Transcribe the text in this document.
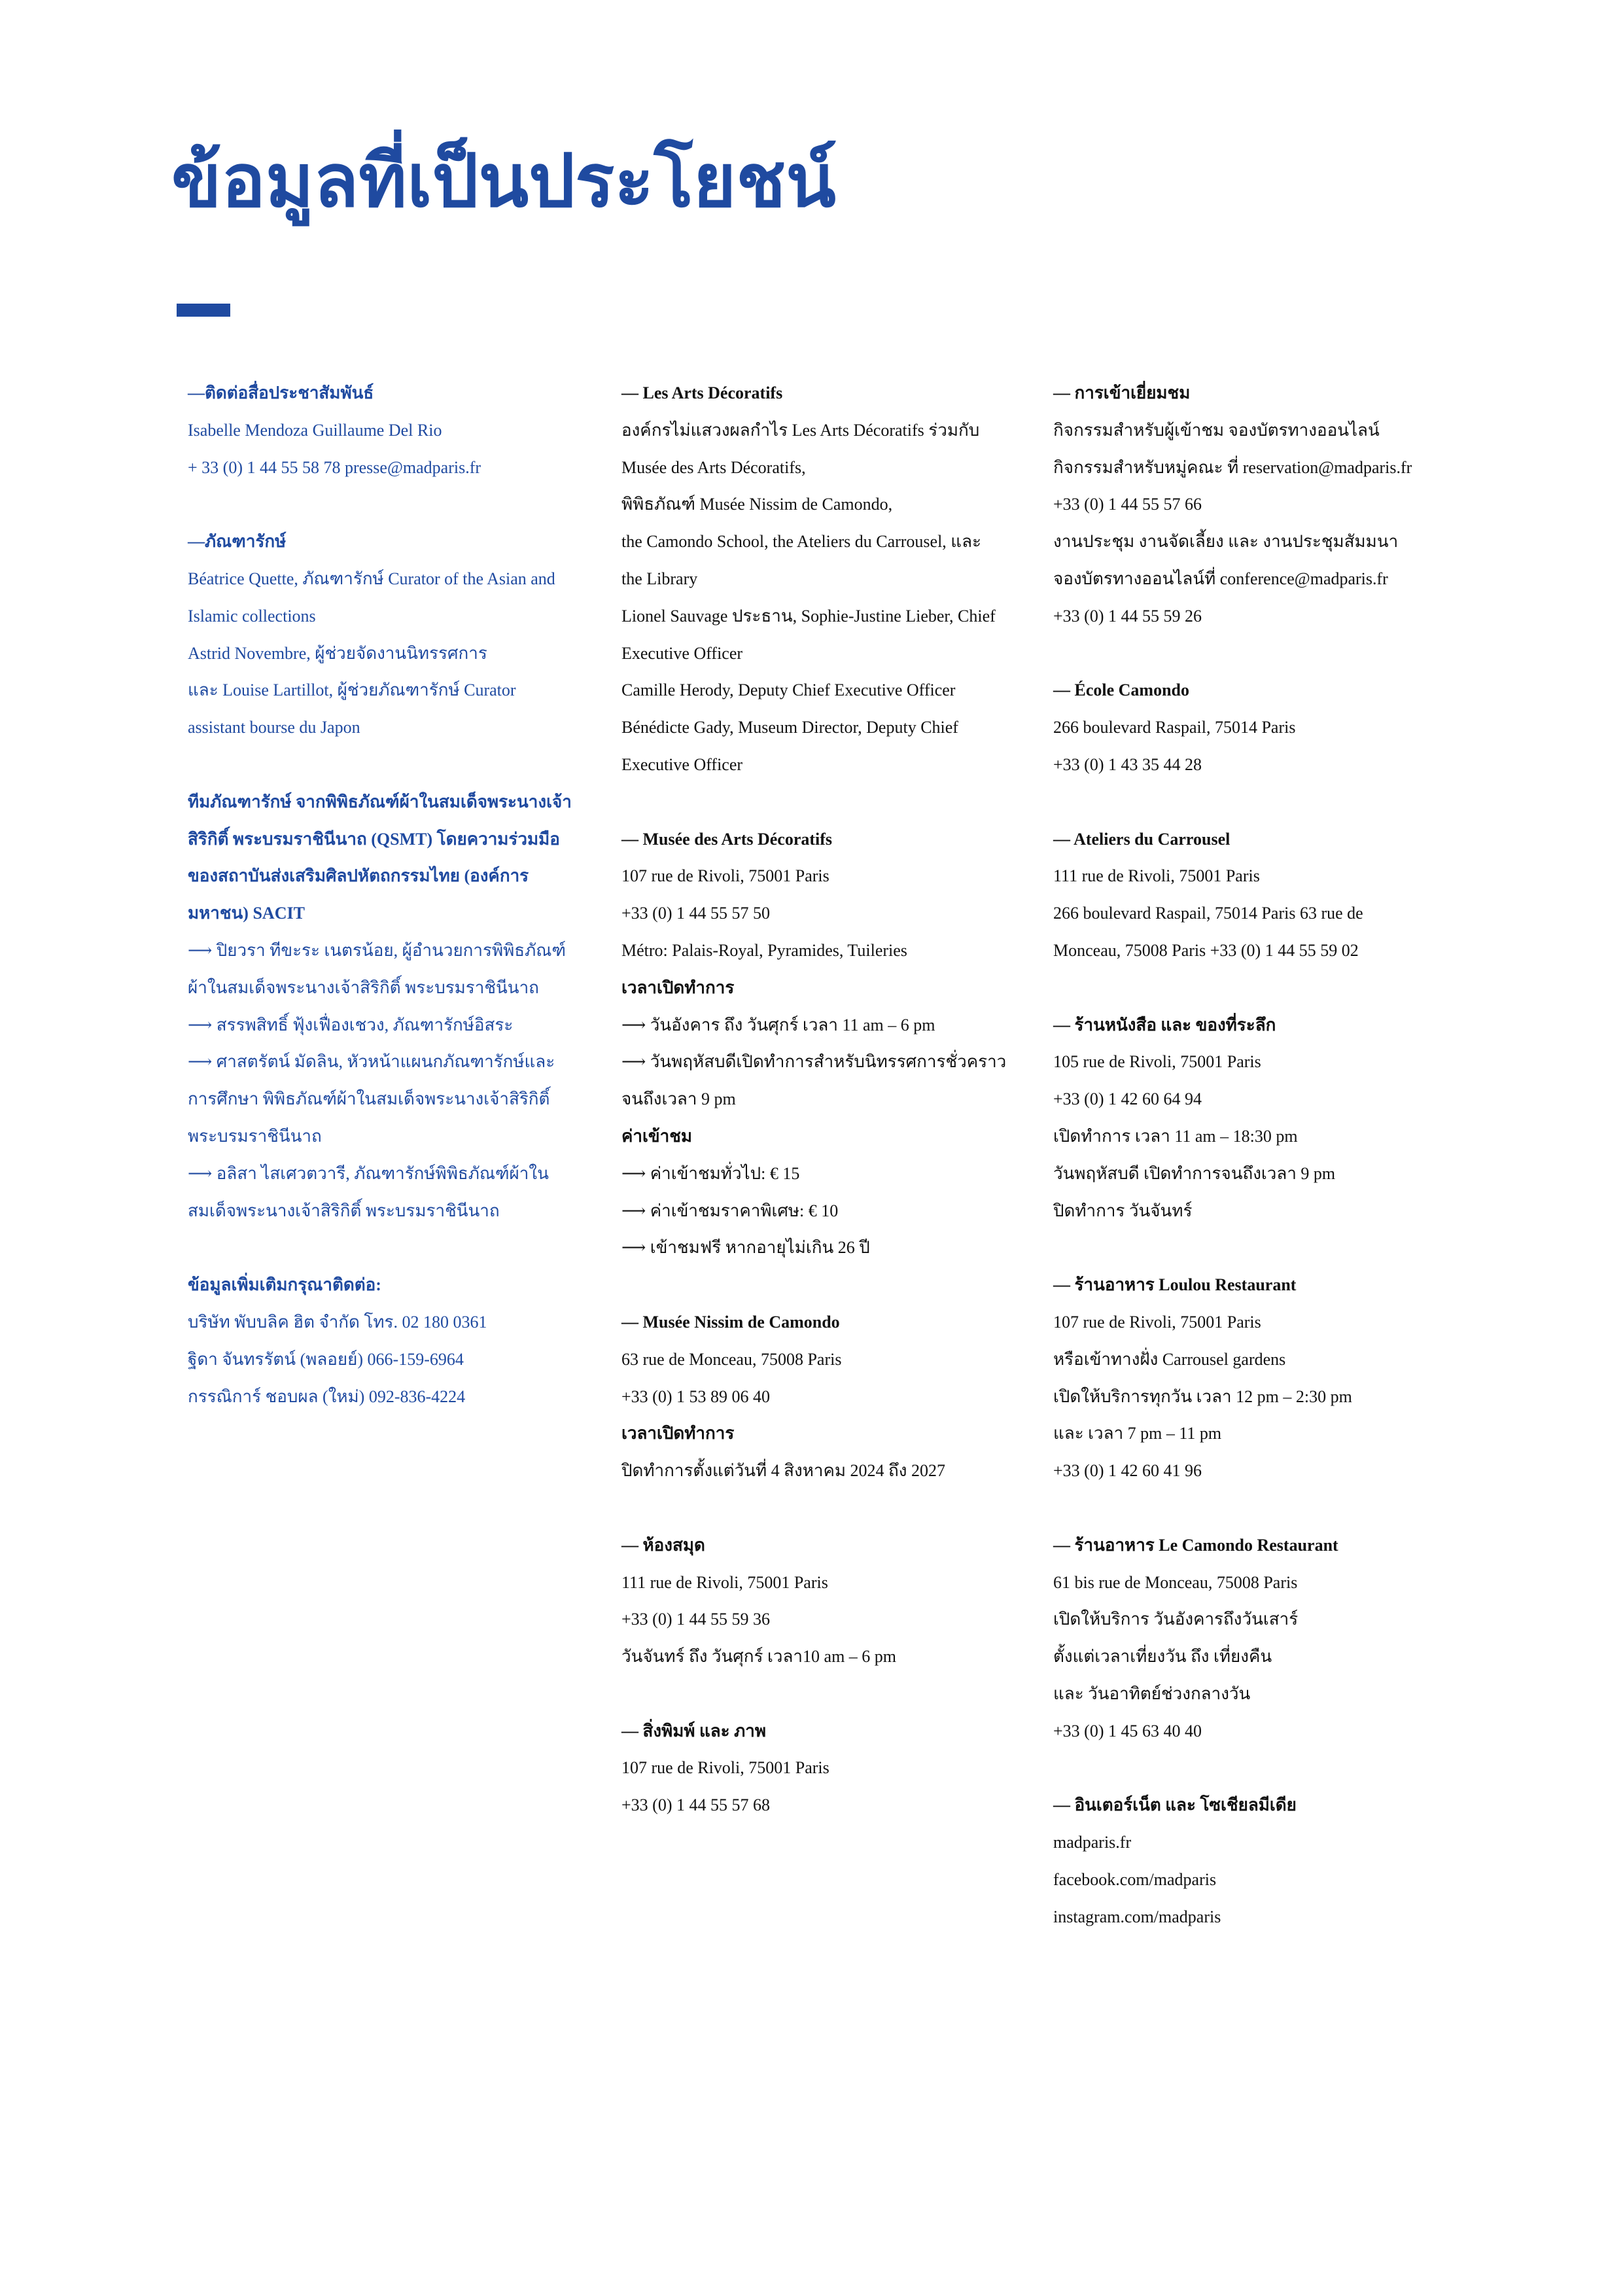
ข้อมูลที่เป็นประโยชน์
—ติดต่อสื่อประชาสัมพันธ์
Isabelle Mendoza Guillaume Del Rio
+ 33 (0) 1 44 55 58 78 presse@madparis.fr
—ภัณฑารักษ์
Béatrice Quette, ภัณฑารักษ์ Curator of the Asian and
Islamic collections
Astrid Novembre, ผู้ช่วยจัดงานนิทรรศการ
และ Louise Lartillot, ผู้ช่วยภัณฑารักษ์ Curator
assistant bourse du Japon
ทีมภัณฑารักษ์ จากพิพิธภัณฑ์ผ้าในสมเด็จพระนางเจ้า
สิริกิติ์ พระบรมราชินีนาถ (QSMT) โดยความร่วมมือ
ของสถาบันส่งเสริมศิลปหัตถกรรมไทย (องค์การ
มหาชน) SACIT
⟶ ปิยวรา ทีขะระ เนตรน้อย, ผู้อำนวยการพิพิธภัณฑ์
ผ้าในสมเด็จพระนางเจ้าสิริกิติ์ พระบรมราชินีนาถ
⟶ สรรพสิทธิ์ ฟุ้งเฟื่องเชวง, ภัณฑารักษ์อิสระ
⟶ ศาสตรัตน์ มัดลิน, หัวหน้าแผนกภัณฑารักษ์และ
การศึกษา พิพิธภัณฑ์ผ้าในสมเด็จพระนางเจ้าสิริกิติ์
พระบรมราชินีนาถ
⟶ อลิสา ไสเศวตวารี, ภัณฑารักษ์พิพิธภัณฑ์ผ้าใน
สมเด็จพระนางเจ้าสิริกิติ์ พระบรมราชินีนาถ
ข้อมูลเพิ่มเติมกรุณาติดต่อ:
บริษัท พับบลิค ฮิต จำกัด โทร. 02 180 0361
ฐิดา จันทรรัตน์ (พลอยย์) 066-159-6964
กรรณิการ์ ชอบผล (ใหม่) 092-836-4224
— Les Arts Décoratifs
องค์กรไม่แสวงผลกำไร Les Arts Décoratifs ร่วมกับ
Musée des Arts Décoratifs,
พิพิธภัณฑ์ Musée Nissim de Camondo,
the Camondo School, the Ateliers du Carrousel, และ
the Library
Lionel Sauvage ประธาน, Sophie-Justine Lieber, Chief
Executive Officer
Camille Herody, Deputy Chief Executive Officer
Bénédicte Gady, Museum Director, Deputy Chief
Executive Officer
— Musée des Arts Décoratifs
107 rue de Rivoli, 75001 Paris
+33 (0) 1 44 55 57 50
Métro: Palais-Royal, Pyramides, Tuileries
เวลาเปิดทำการ
⟶ วันอังคาร ถึง วันศุกร์ เวลา 11 am – 6 pm
⟶ วันพฤหัสบดีเปิดทำการสำหรับนิทรรศการชั่วคราว
จนถึงเวลา 9 pm
ค่าเข้าชม
⟶ ค่าเข้าชมทั่วไป: € 15
⟶ ค่าเข้าชมราคาพิเศษ: € 10
⟶ เข้าชมฟรี หากอายุไม่เกิน 26 ปี
— Musée Nissim de Camondo
63 rue de Monceau, 75008 Paris
+33 (0) 1 53 89 06 40
เวลาเปิดทำการ
ปิดทำการตั้งแต่วันที่ 4 สิงหาคม 2024 ถึง 2027
— ห้องสมุด
111 rue de Rivoli, 75001 Paris
+33 (0) 1 44 55 59 36
วันจันทร์ ถึง วันศุกร์ เวลา10 am – 6 pm
— สิ่งพิมพ์ และ ภาพ
107 rue de Rivoli, 75001 Paris
+33 (0) 1 44 55 57 68
— การเข้าเยี่ยมชม
กิจกรรมสำหรับผู้เข้าชม จองบัตรทางออนไลน์
กิจกรรมสำหรับหมู่คณะ ที่ reservation@madparis.fr
+33 (0) 1 44 55 57 66
งานประชุม งานจัดเลี้ยง และ งานประชุมสัมมนา
จองบัตรทางออนไลน์ที่ conference@madparis.fr
+33 (0) 1 44 55 59 26
— École Camondo
266 boulevard Raspail, 75014 Paris
+33 (0) 1 43 35 44 28
— Ateliers du Carrousel
111 rue de Rivoli, 75001 Paris
266 boulevard Raspail, 75014 Paris 63 rue de
Monceau, 75008 Paris +33 (0) 1 44 55 59 02
— ร้านหนังสือ และ ของที่ระลึก
105 rue de Rivoli, 75001 Paris
+33 (0) 1 42 60 64 94
เปิดทำการ เวลา 11 am – 18:30 pm
วันพฤหัสบดี เปิดทำการจนถึงเวลา 9 pm
ปิดทำการ วันจันทร์
— ร้านอาหาร Loulou Restaurant
107 rue de Rivoli, 75001 Paris
หรือเข้าทางฝั่ง Carrousel gardens
เปิดให้บริการทุกวัน เวลา 12 pm – 2:30 pm
และ เวลา 7 pm – 11 pm
+33 (0) 1 42 60 41 96
— ร้านอาหาร Le Camondo Restaurant
61 bis rue de Monceau, 75008 Paris
เปิดให้บริการ วันอังคารถึงวันเสาร์
ตั้งแต่เวลาเที่ยงวัน ถึง เที่ยงคืน
และ วันอาทิตย์ช่วงกลางวัน
+33 (0) 1 45 63 40 40
— อินเตอร์เน็ต และ โซเชียลมีเดีย
madparis.fr
facebook.com/madparis
instagram.com/madparis
